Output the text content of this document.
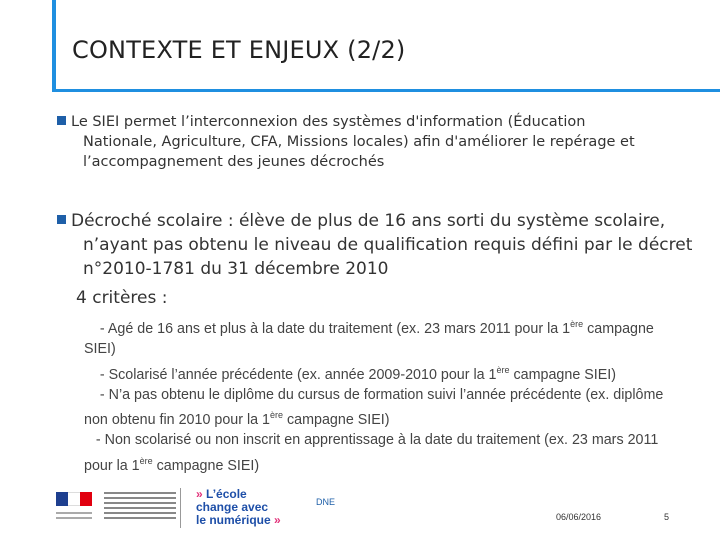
CONTEXTE ET ENJEUX (2/2)
Le SIEI permet l’interconnexion des systèmes d'information (Éducation
Nationale, Agriculture, CFA, Missions locales) afin d'améliorer le repérage et l’accompagnement des jeunes décrochés
Décroché scolaire : élève de plus de 16 ans sorti du système scolaire,
n’ayant pas obtenu le niveau de qualification requis défini par le décret n°2010-1781 du 31 décembre 2010
4 critères :
- Agé de 16 ans et plus à la date du traitement (ex. 23 mars 2011 pour la 1ère campagne SIEI)
- Scolarisé l’année précédente (ex. année 2009-2010 pour la 1ère campagne SIEI)
- N’a pas obtenu le diplôme du cursus de formation suivi l’année précédente (ex. diplôme non obtenu fin 2010 pour la 1ère campagne SIEI)
- Non scolarisé ou non inscrit en apprentissage à la date du traitement (ex. 23 mars 2011 pour la 1ère campagne SIEI)
» L’école
change avec
le numérique »
DNE
06/06/2016	5
